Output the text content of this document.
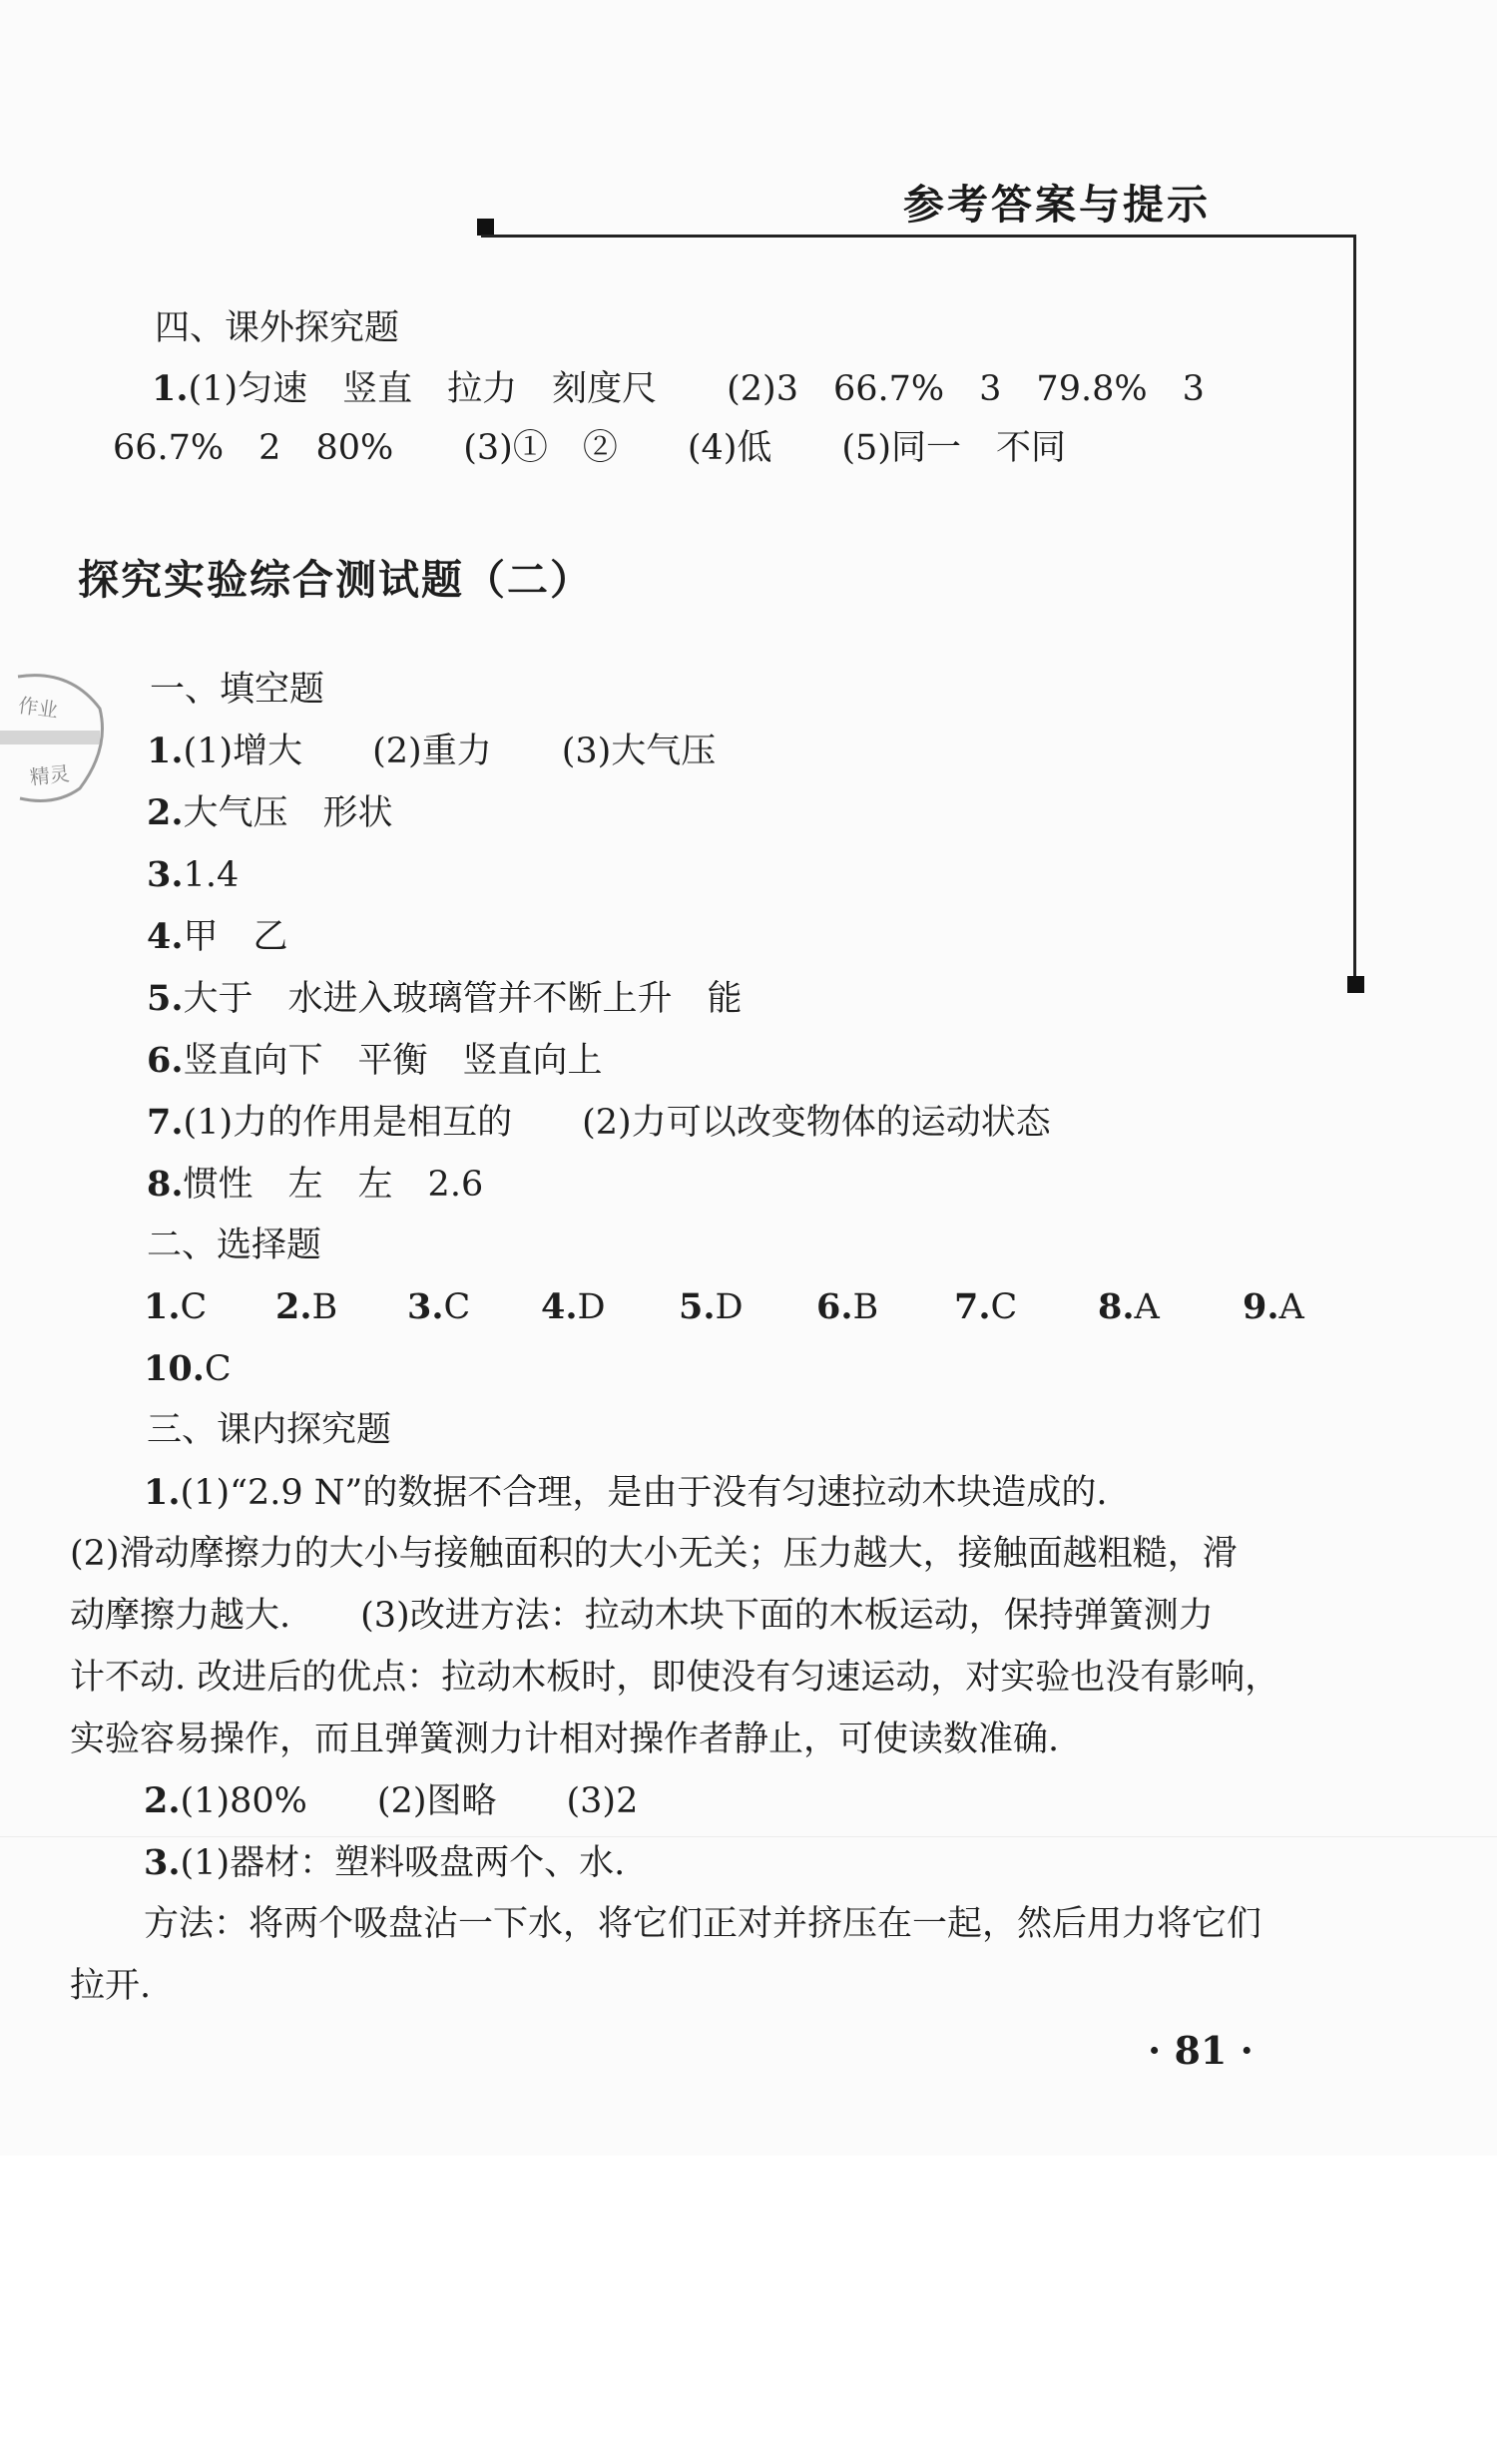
参考答案与提示
四、课外探究题
1.(1)匀速　竖直　拉力　刻度尺　　(2)3　66.7%　3　79.8%　3
66.7%　2　80%　　(3)①　②　　(4)低　　(5)同一　不同
探究实验综合测试题（二）
作业
精灵
一、填空题
1.(1)增大　　(2)重力　　(3)大气压
2.大气压　形状
3.1.4
4.甲　乙
5.大于　水进入玻璃管并不断上升　能
6.竖直向下　平衡　竖直向上
7.(1)力的作用是相互的　　(2)力可以改变物体的运动状态
8.惯性　左　左　2.6
二、选择题
1.C 2.B 3.C 4.D 5.D 6.B 7.C 8.A 9.A
10.C
三、课内探究题
1.(1)“2.9 N”的数据不合理，是由于没有匀速拉动木块造成的.
(2)滑动摩擦力的大小与接触面积的大小无关；压力越大，接触面越粗糙，滑
动摩擦力越大.　　(3)改进方法：拉动木块下面的木板运动，保持弹簧测力
计不动. 改进后的优点：拉动木板时，即使没有匀速运动，对实验也没有影响，
实验容易操作，而且弹簧测力计相对操作者静止，可使读数准确.
2.(1)80%　　(2)图略　　(3)2
3.(1)器材：塑料吸盘两个、水.
方法：将两个吸盘沾一下水，将它们正对并挤压在一起，然后用力将它们
拉开.
· 81 ·
